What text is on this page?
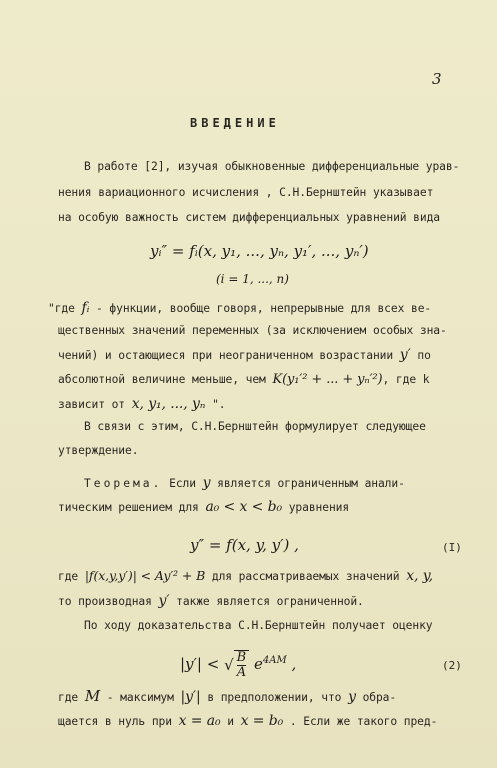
3
ВВЕДЕНИЕ
В работе [2], изучая обыкновенные дифференциальные урав-
нения вариационного исчисления , С.Н.Бернштейн указывает
на особую важность систем дифференциальных уравнений вида
yᵢ″ = fᵢ(x, y₁, ..., yₙ, y₁′, ..., yₙ′)
(i = 1, ..., n)
"где fᵢ - функции, вообще говоря, непрерывные для всех ве-
щественных значений переменных (за исключением особых зна-
чений) и остающиеся при неограниченном возрастании y′ по
абсолютной величине меньше, чем K(y₁′² + ... + yₙ′²), где k
зависит от x, y₁, ..., yₙ ".
В связи с этим, С.Н.Бернштейн формулирует следующее
утверждение.
Теорема. Если y является ограниченным анали-
тическим решением для a₀ < x < b₀ уравнения
y″ = f(x, y, y′) ,	(I)
где |f(x,y,y′)| < Ay′² + B для рассматриваемых значений x, y,
то производная y′ также является ограниченной.
По ходу доказательства С.Н.Бернштейн получает оценку
|y′| < √ $\frac{B}{A} e^{4AM}$ ,	(2)
где M - максимум |y′| в предположении, что y обра-
щается в нуль при x = a₀ и x = b₀ . Если же такого пред-
